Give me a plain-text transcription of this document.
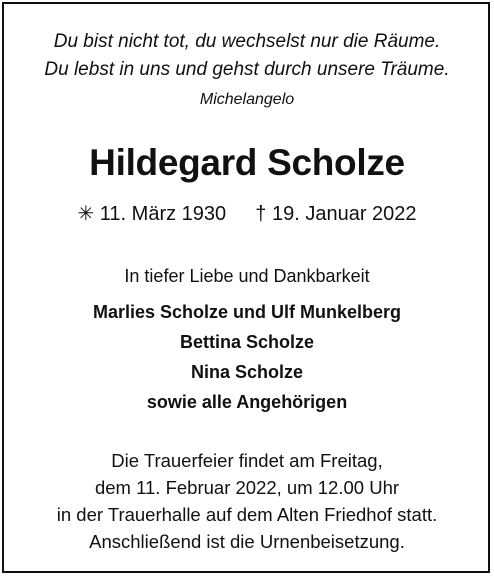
Du bist nicht tot, du wechselst nur die Räume.
Du lebst in uns und gehst durch unsere Träume.
Michelangelo
Hildegard Scholze
✳ 11. März 1930 † 19. Januar 2022
In tiefer Liebe und Dankbarkeit
Marlies Scholze und Ulf Munkelberg
Bettina Scholze
Nina Scholze
sowie alle Angehörigen
Die Trauerfeier findet am Freitag,
dem 11. Februar 2022, um 12.00 Uhr
in der Trauerhalle auf dem Alten Friedhof statt.
Anschließend ist die Urnenbeisetzung.
